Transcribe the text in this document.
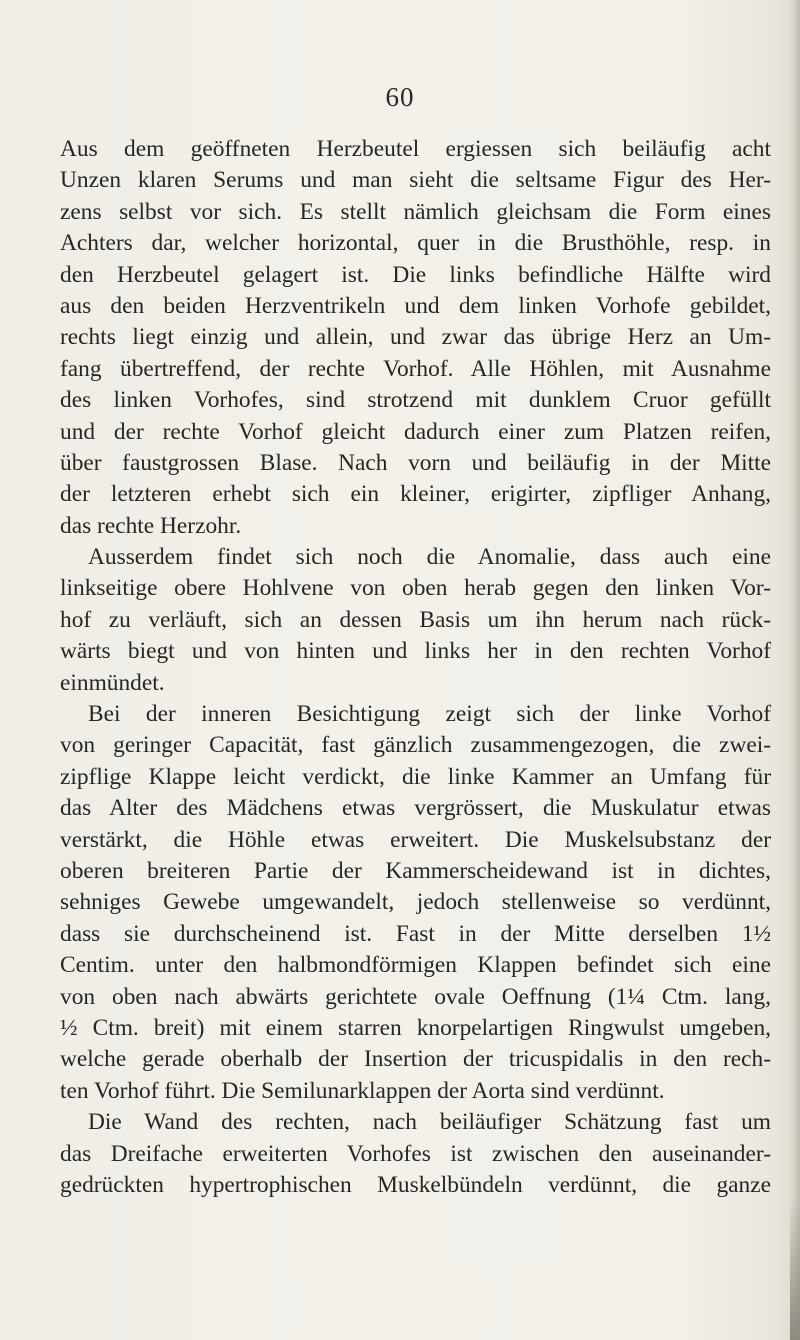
60
Aus dem geöffneten Herzbeutel ergiessen sich beiläufig acht
Unzen klaren Serums und man sieht die seltsame Figur des Her-
zens selbst vor sich. Es stellt nämlich gleichsam die Form eines
Achters dar, welcher horizontal, quer in die Brusthöhle, resp. in
den Herzbeutel gelagert ist. Die links befindliche Hälfte wird
aus den beiden Herzventrikeln und dem linken Vorhofe gebildet,
rechts liegt einzig und allein, und zwar das übrige Herz an Um-
fang übertreffend, der rechte Vorhof. Alle Höhlen, mit Ausnahme
des linken Vorhofes, sind strotzend mit dunklem Cruor gefüllt
und der rechte Vorhof gleicht dadurch einer zum Platzen reifen,
über faustgrossen Blase. Nach vorn und beiläufig in der Mitte
der letzteren erhebt sich ein kleiner, erigirter, zipfliger Anhang,
das rechte Herzohr.
Ausserdem findet sich noch die Anomalie, dass auch eine
linkseitige obere Hohlvene von oben herab gegen den linken Vor-
hof zu verläuft, sich an dessen Basis um ihn herum nach rück-
wärts biegt und von hinten und links her in den rechten Vorhof
einmündet.
Bei der inneren Besichtigung zeigt sich der linke Vorhof
von geringer Capacität, fast gänzlich zusammengezogen, die zwei-
zipflige Klappe leicht verdickt, die linke Kammer an Umfang für
das Alter des Mädchens etwas vergrössert, die Muskulatur etwas
verstärkt, die Höhle etwas erweitert. Die Muskelsubstanz der
oberen breiteren Partie der Kammerscheidewand ist in dichtes,
sehniges Gewebe umgewandelt, jedoch stellenweise so verdünnt,
dass sie durchscheinend ist. Fast in der Mitte derselben 1½
Centim. unter den halbmondförmigen Klappen befindet sich eine
von oben nach abwärts gerichtete ovale Oeffnung (1¼ Ctm. lang,
½ Ctm. breit) mit einem starren knorpelartigen Ringwulst umgeben,
welche gerade oberhalb der Insertion der tricuspidalis in den rech-
ten Vorhof führt. Die Semilunarklappen der Aorta sind verdünnt.
Die Wand des rechten, nach beiläufiger Schätzung fast um
das Dreifache erweiterten Vorhofes ist zwischen den auseinander-
gedrückten hypertrophischen Muskelbündeln verdünnt, die ganze
